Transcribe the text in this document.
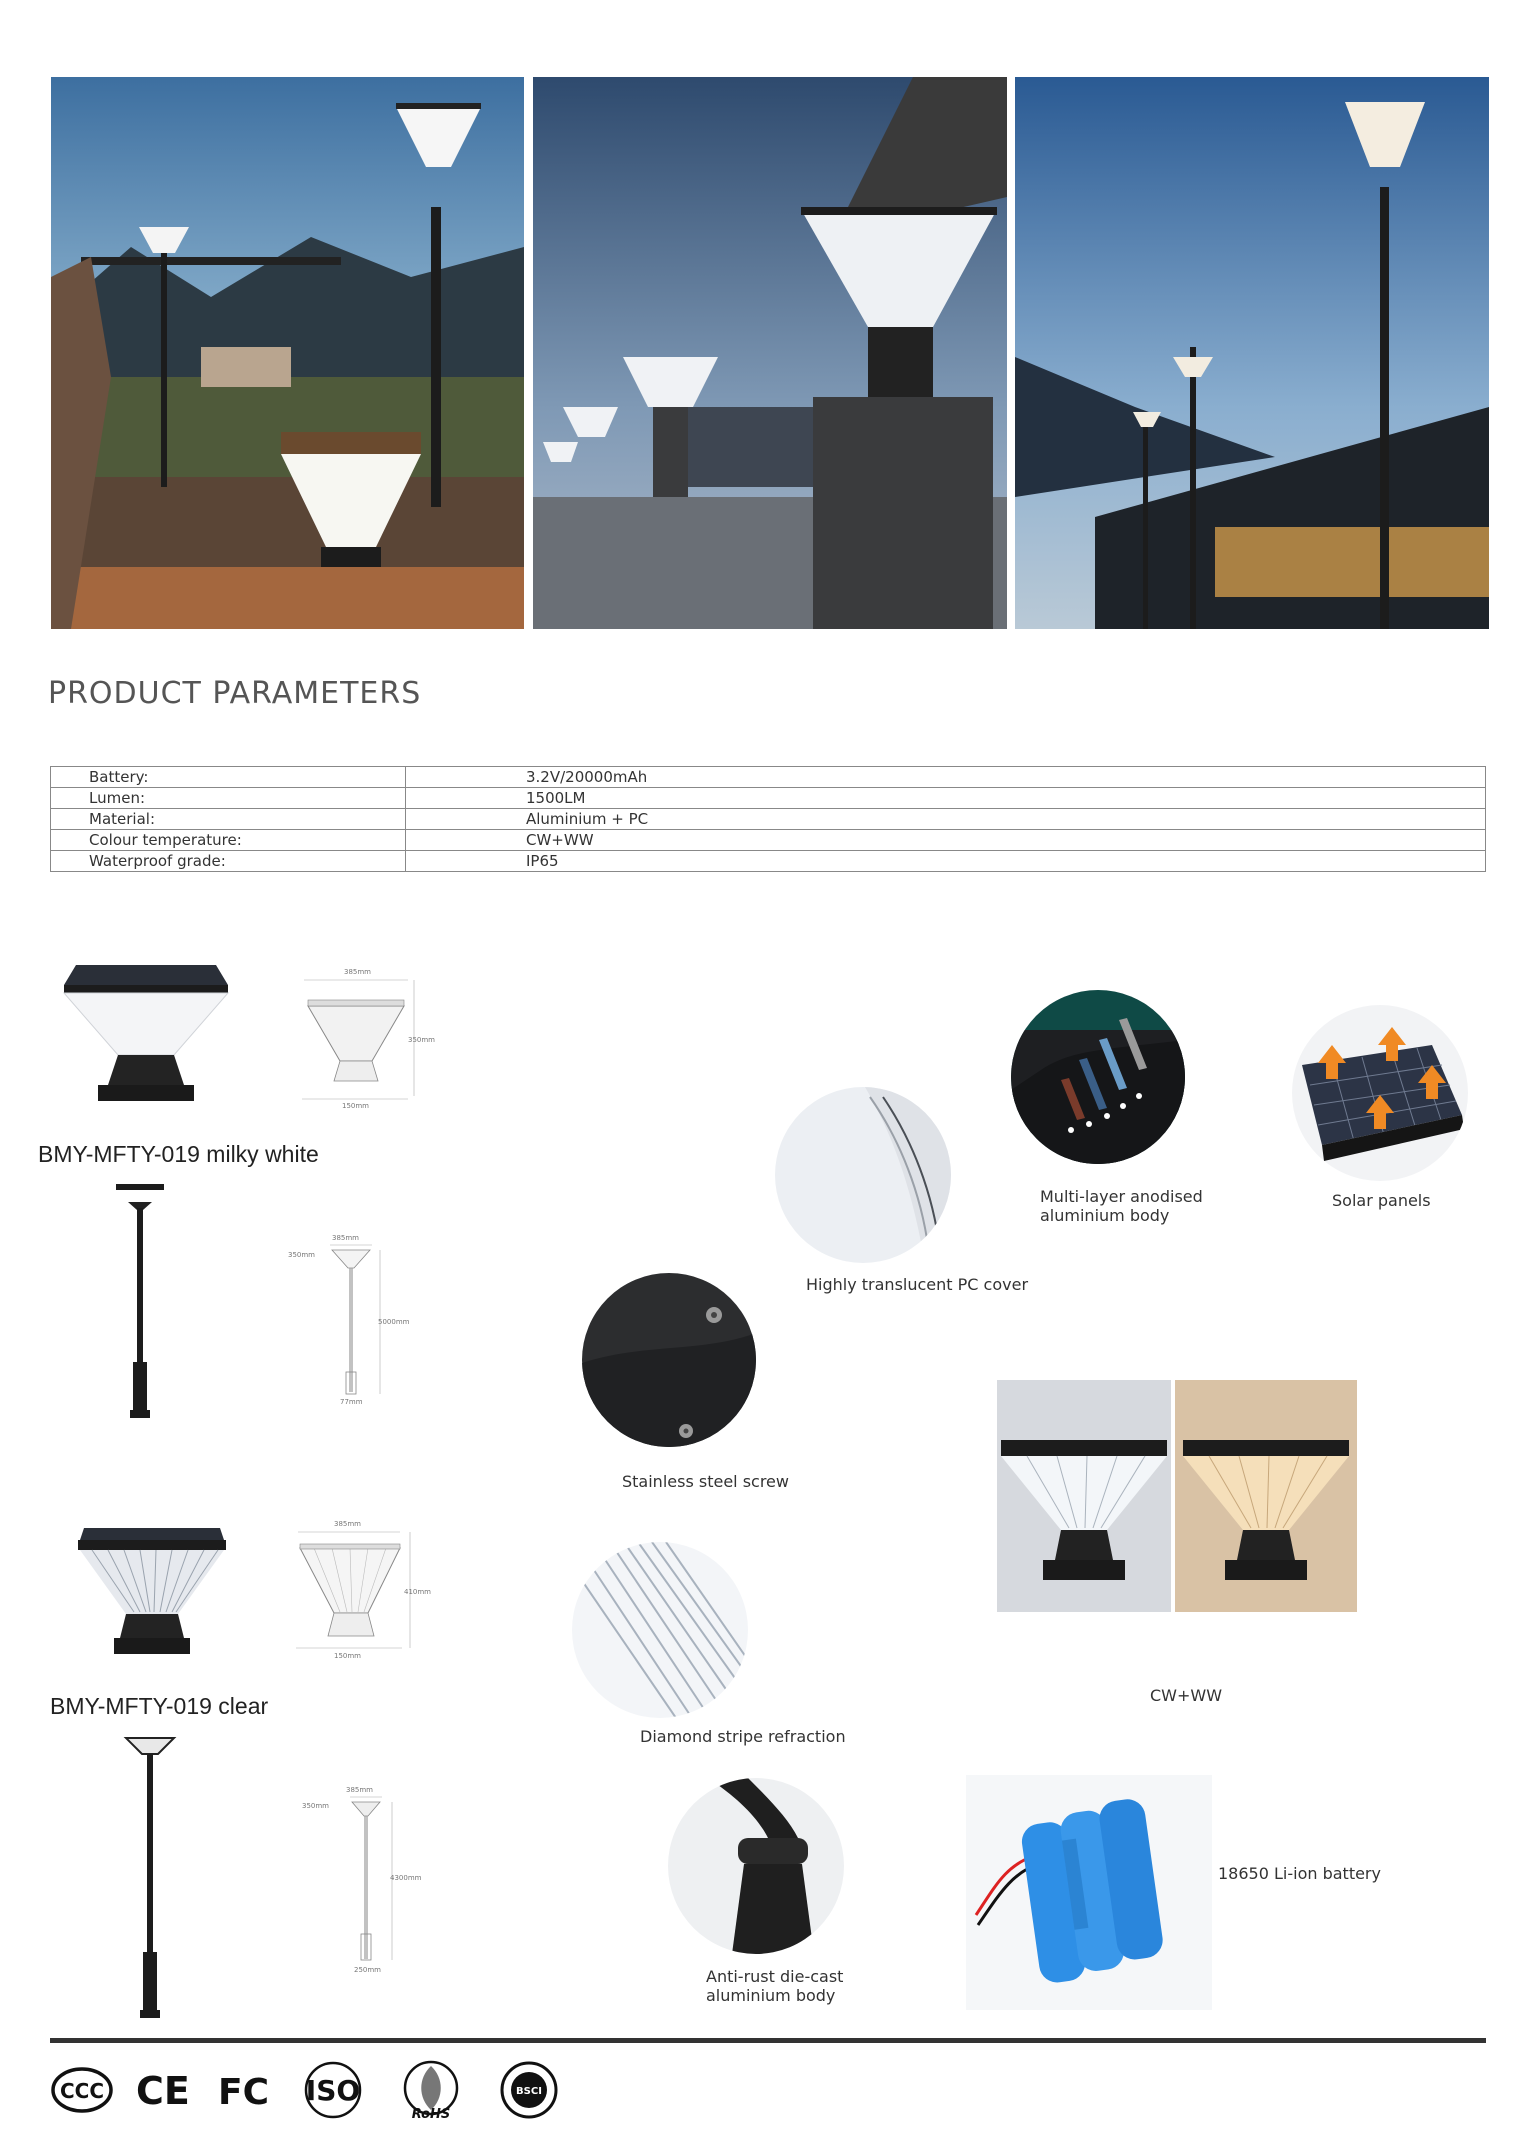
PRODUCT PARAMETERS
Battery:	3.2V/20000mAh
Lumen:	1500LM
Material:	Aluminium + PC
Colour temperature:	CW+WW
Waterproof grade:	IP65
385mm
350mm
150mm
BMY-MFTY-019 milky white
385mm
350mm
5000mm
77mm
385mm
410mm
150mm
BMY-MFTY-019 clear
385mm
350mm
4300mm
250mm
Highly translucent PC cover
Multi-layer anodised aluminium body
Solar panels
Stainless steel screw
CW+WW
Diamond stripe refraction
Anti-rust die-cast aluminium body
18650 Li-ion battery
CCC CE FC ISO
RoHS
BSCI
